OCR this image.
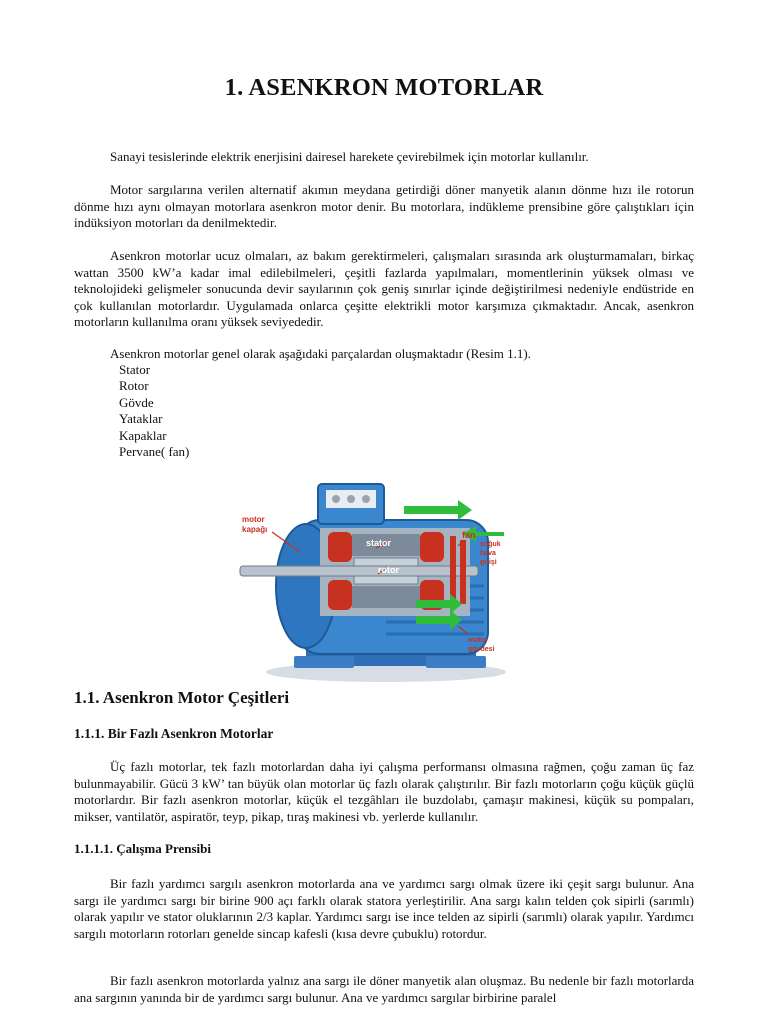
1. ASENKRON MOTORLAR
Sanayi tesislerinde elektrik enerjisini dairesel harekete çevirebilmek için motorlar kullanılır.
Motor sargılarına verilen alternatif akımın meydana getirdiği döner manyetik alanın dönme hızı ile rotorun dönme hızı aynı olmayan motorlara asenkron motor denir. Bu motorlara, indükleme prensibine göre çalıştıkları için indüksiyon motorları da denilmektedir.
Asenkron motorlar ucuz olmaları, az bakım gerektirmeleri, çalışmaları sırasında ark oluşturmamaları, birkaç wattan 3500 kW’a kadar imal edilebilmeleri, çeşitli fazlarda yapılmaları, momentlerinin yüksek olması ve teknolojideki gelişmeler sonucunda devir sayılarının çok geniş sınırlar içinde değiştirilmesi nedeniyle endüstride en çok kullanılan motorlardır. Uygulamada onlarca çeşitte elektrikli motor karşımıza çıkmaktadır. Ancak, asenkron motorların kullanılma oranı yüksek seviyededir.
Asenkron motorlar genel olarak aşağıdaki parçalardan oluşmaktadır (Resim 1.1).
Stator
Rotor
Gövde
Yataklar
Kapaklar
Pervane( fan)
motor
kapağı
stator
rotor
fan
soğuk
hava
girişi
motor
gövdesi
1.1. Asenkron Motor Çeşitleri
1.1.1. Bir Fazlı Asenkron Motorlar
Üç fazlı motorlar, tek fazlı motorlardan daha iyi çalışma performansı olmasına rağmen, çoğu zaman üç faz bulunmayabilir. Gücü 3 kW’ tan büyük olan motorlar üç fazlı olarak çalıştırılır. Bir fazlı motorların çoğu küçük güçlü motorlardır. Bir fazlı asenkron motorlar, küçük el tezgâhları ile buzdolabı, çamaşır makinesi, küçük su pompaları, mikser, vantilatör, aspiratör, teyp, pikap, tıraş makinesi vb. yerlerde kullanılır.
1.1.1.1. Çalışma Prensibi
Bir fazlı yardımcı sargılı asenkron motorlarda ana ve yardımcı sargı olmak üzere iki çeşit sargı bulunur. Ana sargı ile yardımcı sargı bir birine 900 açı farklı olarak statora yerleştirilir. Ana sargı kalın telden çok sipirli (sarımlı) olarak yapılır ve stator oluklarının 2/3 kaplar. Yardımcı sargı ise ince telden az sipirli (sarımlı) olarak yapılır. Yardımcı sargılı motorların rotorları genelde sincap kafesli (kısa devre çubuklu) rotordur.
Bir fazlı asenkron motorlarda yalnız ana sargı ile döner manyetik alan oluşmaz. Bu nedenle bir fazlı motorlarda ana sargının yanında bir de yardımcı sargı bulunur. Ana ve yardımcı sargılar birbirine paralel
